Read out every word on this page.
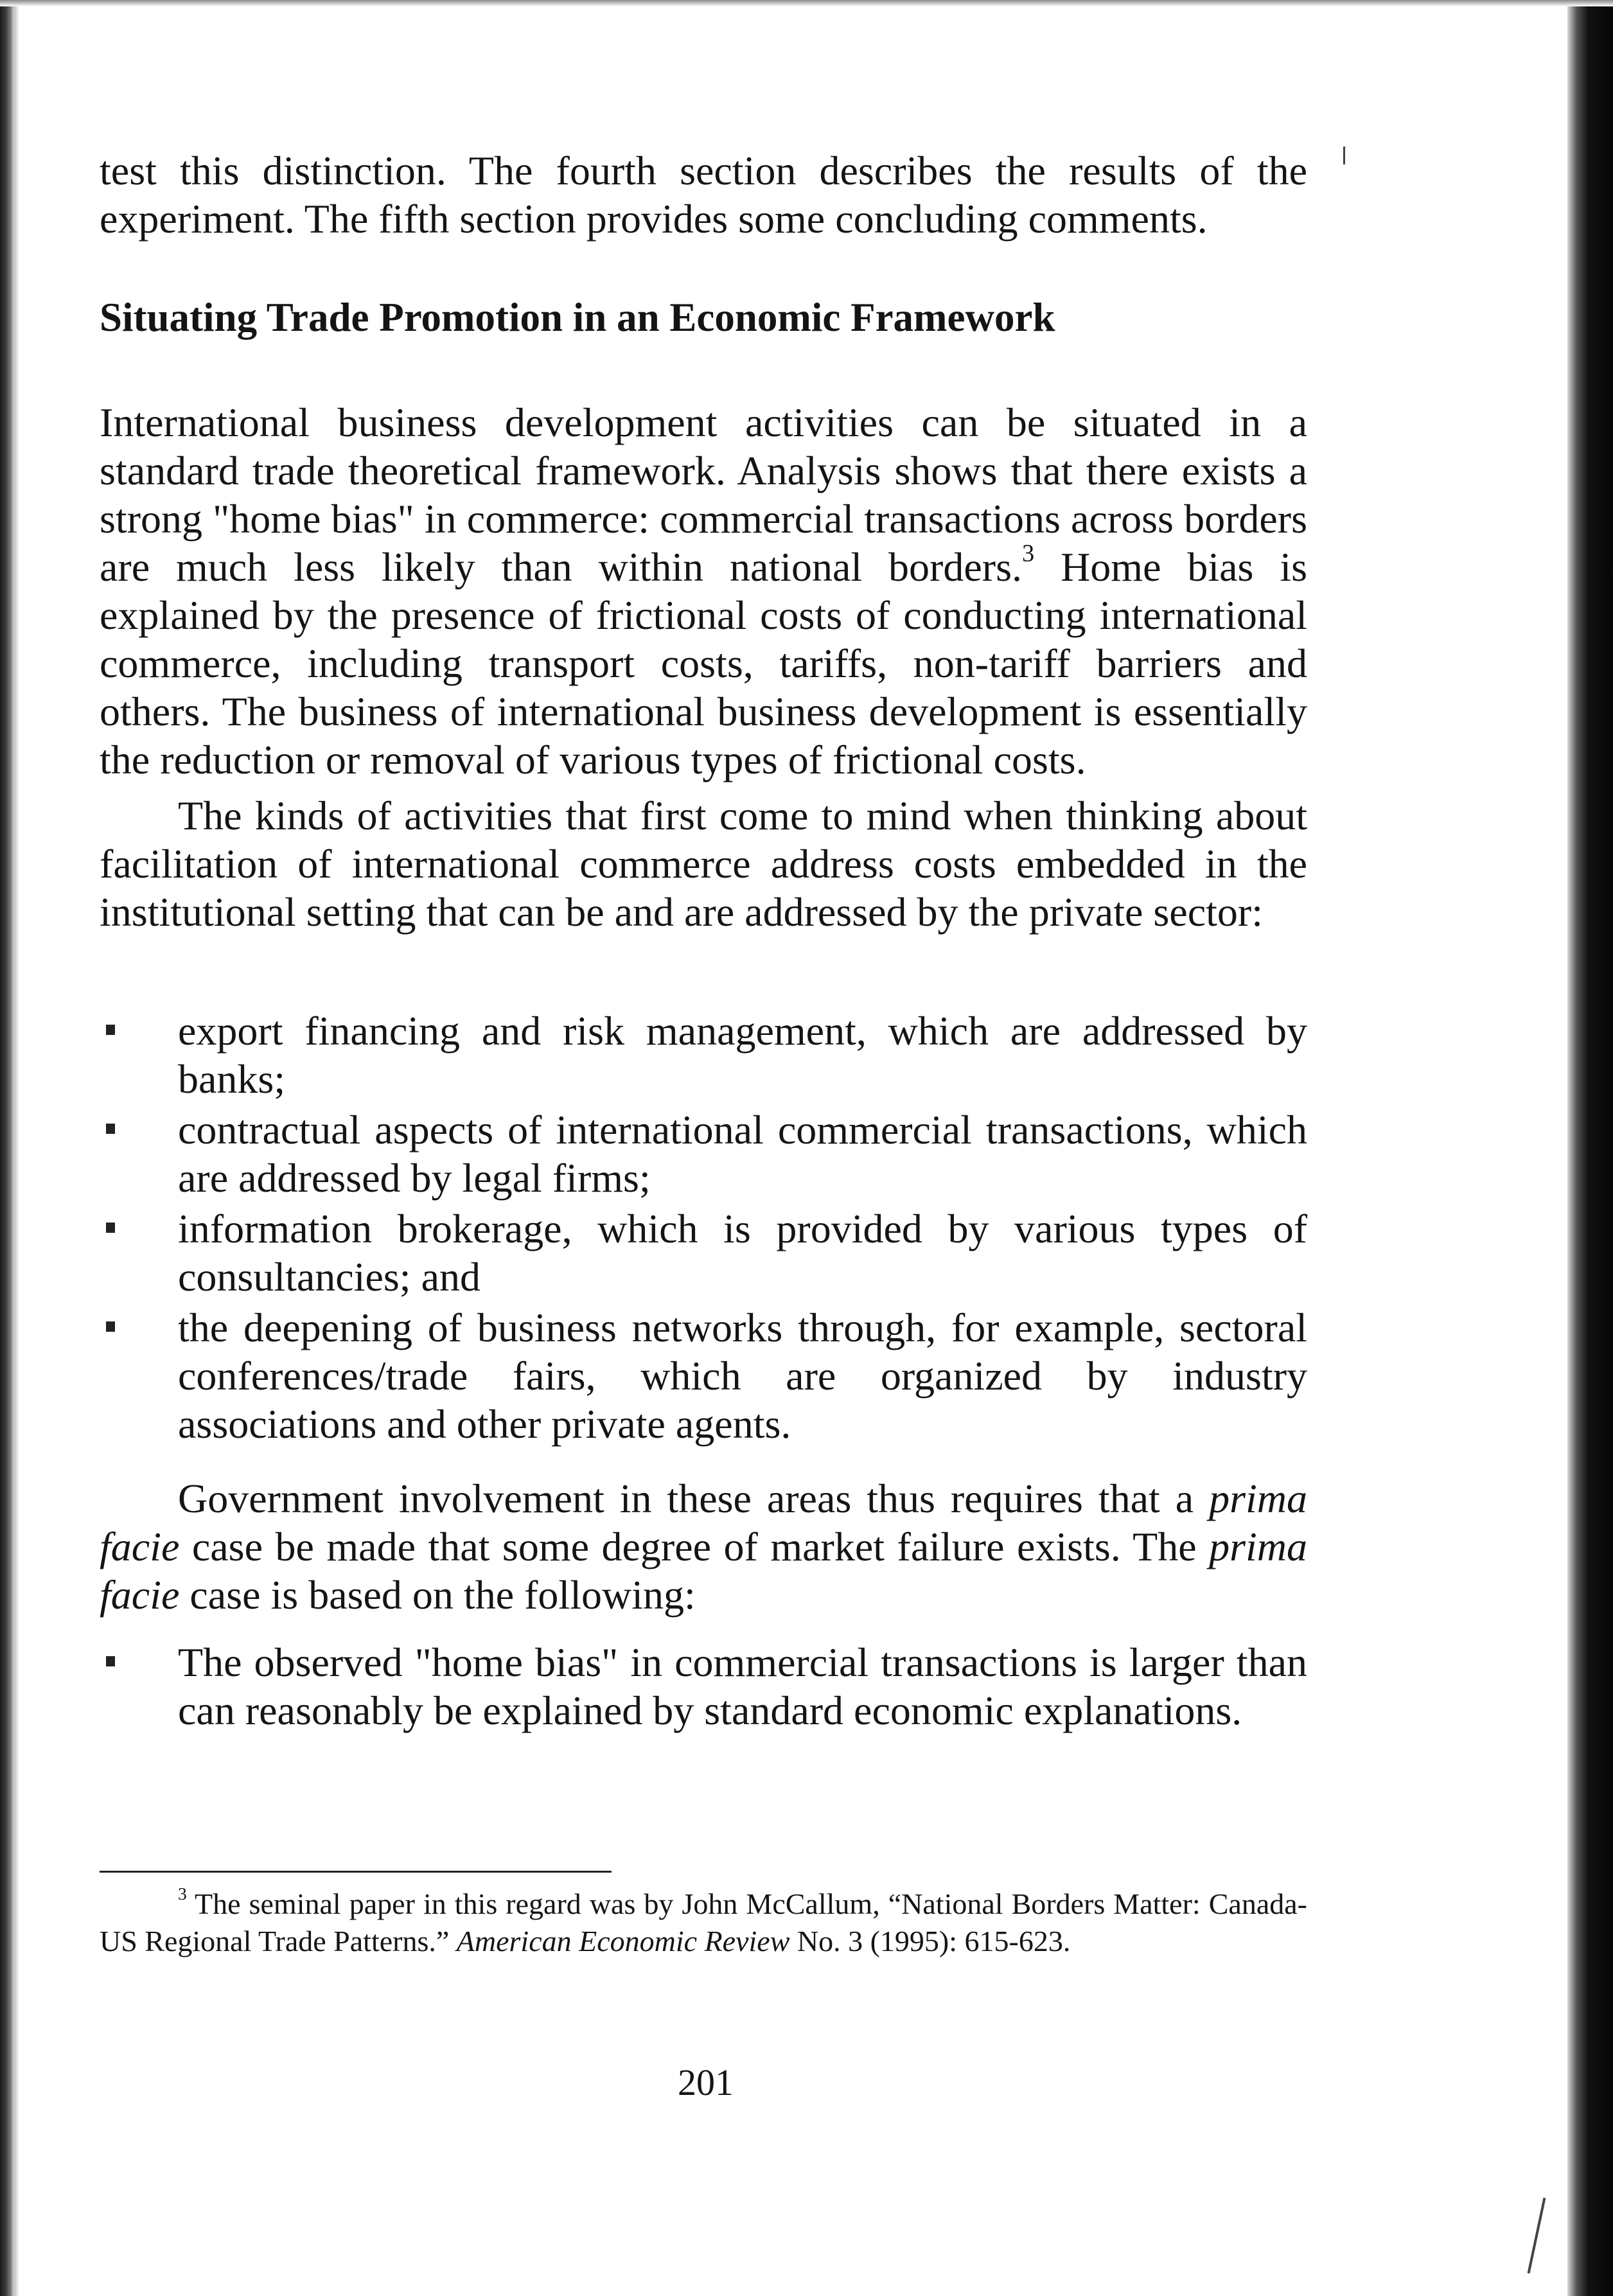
test this distinction. The fourth section describes the results of the experiment. The fifth section provides some concluding comments.

Situating Trade Promotion in an Economic Framework

International business development activities can be situated in a standard trade theoretical framework. Analysis shows that there exists a strong "home bias" in commerce: commercial transactions across borders are much less likely than within national borders.$^3$ Home bias is explained by the presence of frictional costs of conducting international commerce, including transport costs, tariffs, non-tariff barriers and others. The business of international business development is essentially the reduction or removal of various types of frictional costs.

The kinds of activities that first come to mind when thinking about facilitation of international commerce address costs embedded in the institutional setting that can be and are addressed by the private sector:

export financing and risk management, which are addressed by banks;
contractual aspects of international commercial transactions, which are addressed by legal firms;
information brokerage, which is provided by various types of consultancies; and
the deepening of business networks through, for example, sectoral conferences/trade fairs, which are organized by industry associations and other private agents.

Government involvement in these areas thus requires that a prima facie case be made that some degree of market failure exists. The prima facie case is based on the following:

The observed "home bias" in commercial transactions is larger than can reasonably be explained by standard economic explanations.

$^3$ The seminal paper in this regard was by John McCallum, “National Borders Matter: Canada-US Regional Trade Patterns.” American Economic Review No. 3 (1995): 615-623.

201
